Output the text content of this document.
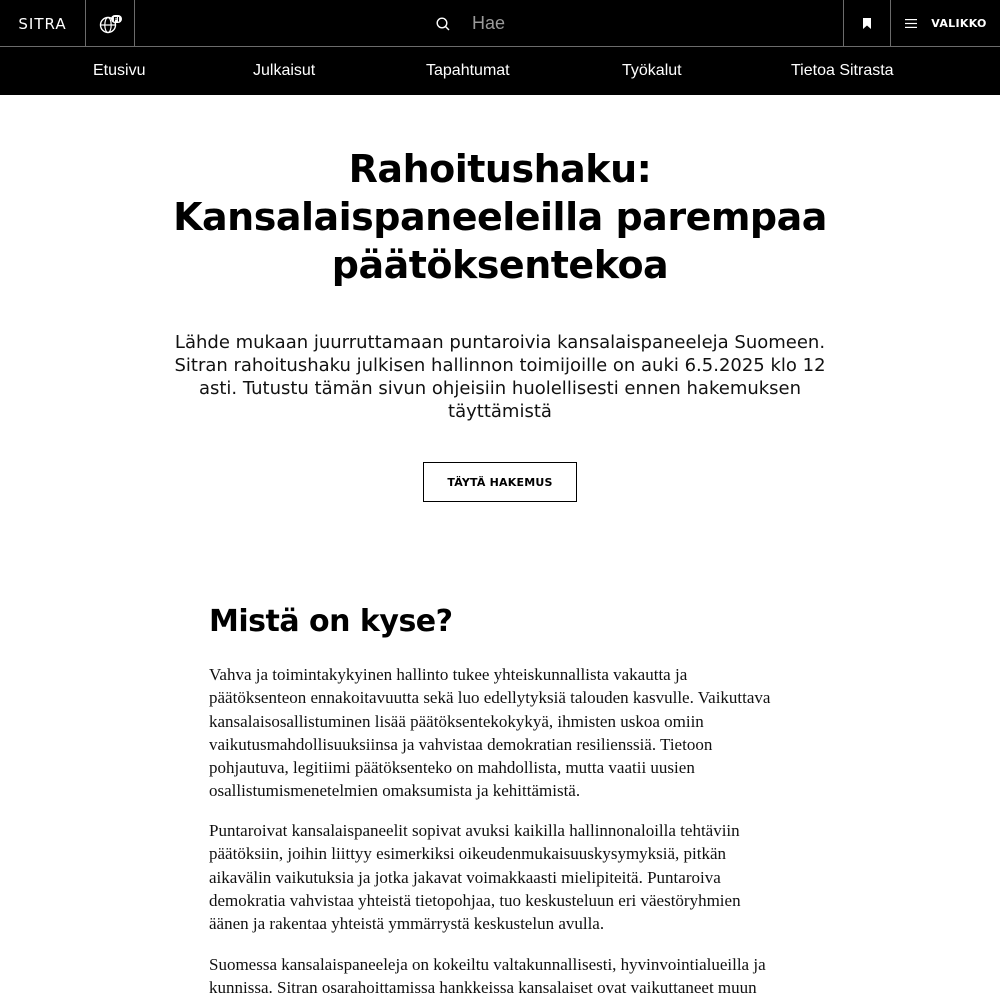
SITRA	FI
Hae	VALIKKO
Etusivu	Julkaisut	Tapahtumat	Työkalut	Tietoa Sitrasta
Rahoitushaku:
Kansalaispaneeleilla parempaa
päätöksentekoa
Lähde mukaan juurruttamaan puntaroivia kansalaispaneeleja Suomeen.
Sitran rahoitushaku julkisen hallinnon toimijoille on auki 6.5.2025 klo 12
asti. Tutustu tämän sivun ohjeisiin huolellisesti ennen hakemuksen
täyttämistä
TÄYTÄ HAKEMUS
Mistä on kyse?
Vahva ja toimintakykyinen hallinto tukee yhteiskunnallista vakautta ja
päätöksenteon ennakoitavuutta sekä luo edellytyksiä talouden kasvulle. Vaikuttava
kansalaisosallistuminen lisää päätöksentekokykyä, ihmisten uskoa omiin
vaikutusmahdollisuuksiinsa ja vahvistaa demokratian resilienssiä. Tietoon
pohjautuva, legitiimi päätöksenteko on mahdollista, mutta vaatii uusien
osallistumismenetelmien omaksumista ja kehittämistä.
Puntaroivat kansalaispaneelit sopivat avuksi kaikilla hallinnonaloilla tehtäviin
päätöksiin, joihin liittyy esimerkiksi oikeudenmukaisuuskysymyksiä, pitkän
aikavälin vaikutuksia ja jotka jakavat voimakkaasti mielipiteitä. Puntaroiva
demokratia vahvistaa yhteistä tietopohjaa, tuo keskusteluun eri väestöryhmien
äänen ja rakentaa yhteistä ymmärrystä keskustelun avulla.
Suomessa kansalaispaneeleja on kokeiltu valtakunnallisesti, hyvinvointialueilla ja
kunnissa. Sitran osarahoittamissa hankkeissa kansalaiset ovat vaikuttaneet muun
